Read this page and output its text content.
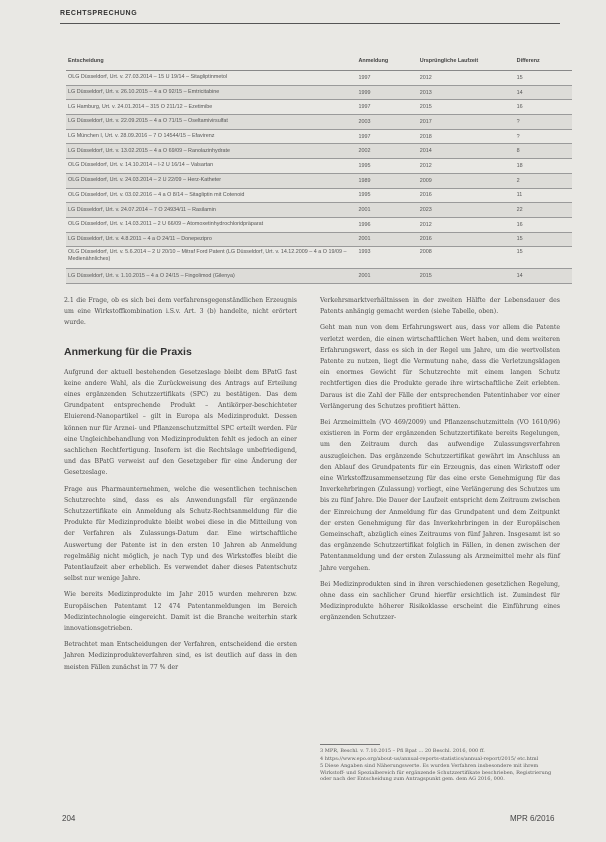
RECHTSPRECHUNG
Entscheidung	Anmeldung	Ursprüngliche Laufzeit	Differenz
OLG Düsseldorf, Urt. v. 27.03.2014 – 15 U 19/14 – Sitagliptinmetol	1997	2012	15
LG Düsseldorf, Urt. v. 26.10.2015 – 4 a O 92/15 – Emtricitabine	1999	2013	14
LG Hamburg, Urt. v. 24.01.2014 – 315 O 211/12 – Ezetimibe	1997	2015	16
LG Düsseldorf, Urt. v. 22.09.2015 – 4 a O 71/15 – Oseltamivirsulfat	2003	2017	?
LG München I, Urt. v. 28.09.2016 – 7 O 14544/15 – Efavirenz	1997	2018	?
LG Düsseldorf, Urt. v. 13.02.2015 – 4 a O 69/09 – Ranolazinhydrate	2002	2014	8
OLG Düsseldorf, Urt. v. 14.10.2014 – I-2 U 16/14 – Valsartan	1995	2012	18
OLG Düsseldorf, Urt. v. 24.03.2014 – 2 U 22/09 – Herz-Katheter	1989	2009	2
OLG Düsseldorf, Urt. v. 03.02.2016 – 4 a O 8/14 – Sitagliptin mit Cotenoid	1995	2016	11
LG Düsseldorf, Urt. v. 24.07.2014 – 7 O 24934/11 – Rasilamin	2001	2023	22
OLG Düsseldorf, Urt. v. 14.03.2011 – 2 U 66/09 – Atomoxetinhydrochloridpräparat	1996	2012	16
LG Düsseldorf, Urt. v. 4.8.2011 – 4 a O 24/11 – Donepezipro	2001	2016	15
OLG Düsseldorf, Urt. v. 5.6.2014 – 2 U 20/10 – Mitraf Ford Patent (LG Düsseldorf, Urt. v. 14.12.2009 – 4 a O 19/09 – Medienähnliches)
1993	2008	15
LG Düsseldorf, Urt. v. 1.10.2015 – 4 a O 24/15 – Fingolimod (Gilenya)	2001	2015	14

2.1 die Frage, ob es sich bei dem verfahrensgegenständlichen Erzeugnis um eine Wirkstoffkombination i.S.v. Art. 3 (b) handelte, nicht erörtert wurde.

Anmerkung für die Praxis

Aufgrund der aktuell bestehenden Gesetzeslage bleibt dem BPatG fast keine andere Wahl, als die Zurückweisung des Antrags auf Erteilung eines ergänzenden Schutzzertifikats (SPC) zu bestätigen. Das dem Grundpatent entsprechende Produkt – Antikörper-beschichteter Eluierend-Nanopartikel – gilt in Europa als Medizinprodukt. Dessen können nur für Arznei- und Pflanzenschutzmittel SPC erteilt werden. Für eine Ungleichbehandlung von Medizinprodukten fehlt es jedoch an einer sachlichen Rechtfertigung. Insofern ist die Rechtslage unbefriedigend, und das BPatG verweist auf den Gesetzgeber für eine Änderung der Gesetzeslage.

Frage aus Pharmaunternehmen, welche die wesentlichen technischen Schutzrechte sind, dass es als Anwendungsfall für ergänzende Schutzzertifikate ein Anmeldung als Schutz-Rechtsanmeldung für die Produkte für Medizinprodukte bleibt wobei diese in die Mitteilung von der Verfahren als Zulassungs-Datum dar. Eine wirtschaftliche Auswertung der Patente ist in den ersten 10 Jahren ab Anmeldung regelmäßig nicht möglich, je nach Typ und des Wirkstoffes bleibt die Patentlaufzeit aber erheblich. Es verwendet daher dieses Patentschutz selbst nur wenige Jahre.

Wie bereits Medizinprodukte im Jahr 2015 wurden mehreren bzw. Europäischen Patentamt 12 474 Patentanmeldungen im Bereich Medizintechnologie eingereicht. Damit ist die Branche weiterhin stark innovationsgetrieben.

Betrachtet man Entscheidungen der Verfahren, entscheidend die ersten Jahren Medizinprodukteverfahren sind, es ist deutlich auf dass in den meisten Fällen zunächst in 77 % der

Verkehrsmarktverhältnissen in der zweiten Hälfte der Lebensdauer des Patents anhängig gemacht werden (siehe Tabelle, oben).

Geht man nun von dem Erfahrungswert aus, dass vor allem die Patente verletzt werden, die einen wirtschaftlichen Wert haben, und dem weiteren Erfahrungswert, dass es sich in der Regel um Jahre, um die wertvollsten Patente zu nutzen, liegt die Vermutung nahe, dass die Verletzungsklagen ein enormes Gewicht für Schutzrechte mit einem langen Schutz rechtfertigen dies die Produkte gerade ihre wirtschaftliche Zeit erlebten. Daraus ist die Zahl der Fälle der entsprechenden Patentinhaber vor einer Verlängerung des Schutzes profitiert hätten.

Bei Arzneimitteln (VO 469/2009) und Pflanzenschutzmitteln (VO 1610/96) existieren in Form der ergänzenden Schutzzertifikate bereits Regelungen, um den Zeitraum durch das aufwendige Zulassungsverfahren auszugleichen. Das ergänzende Schutzzertifikat gewährt im Anschluss an den Ablauf des Grundpatents für ein Erzeugnis, das einen Wirkstoff oder eine Wirkstoffzusammensetzung für das eine erste Genehmigung für das Inverkehrbringen (Zulassung) vorliegt, eine Verlängerung des Schutzes um bis zu fünf Jahre. Die Dauer der Laufzeit entspricht dem Zeitraum zwischen der Einreichung der Anmeldung für das Grundpatent und dem Zeitpunkt der ersten Genehmigung für das Inverkehrbringen in der Europäischen Gemeinschaft, abzüglich eines Zeitraums von fünf Jahren. Insgesamt ist so das ergänzende Schutzzertifikat folglich in Fällen, in denen zwischen der Patentanmeldung und der ersten Zulassung als Arzneimittel mehr als fünf Jahre vergehen.

Bei Medizinprodukten sind in ihren verschiedenen gesetzlichen Regelung, ohne dass ein sachlicher Grund hierfür ersichtlich ist. Zumindest für Medizinprodukte höherer Risikoklasse erscheint die Einführung eines ergänzenden Schutzzer-

3 MPR, Beschl. v. 7.10.2015 – Pfi Bpat ... 20 Beschl. 2016, 000 ff.
4 https://www.epo.org/about-us/annual-reports-statistics/annual-report/2015/ etc.html
5 Diese Angaben sind Näherungswerte. Es wurden Verfahren insbesondere mit ihrem Wirkstoff- und Spezialbereich für ergänzende Schutzzertifikate beschrieben, Registrierung oder nach der Entscheidung zum Antragspunkt gem. dem AG 2016, 000.
204	MPR 6/2016
